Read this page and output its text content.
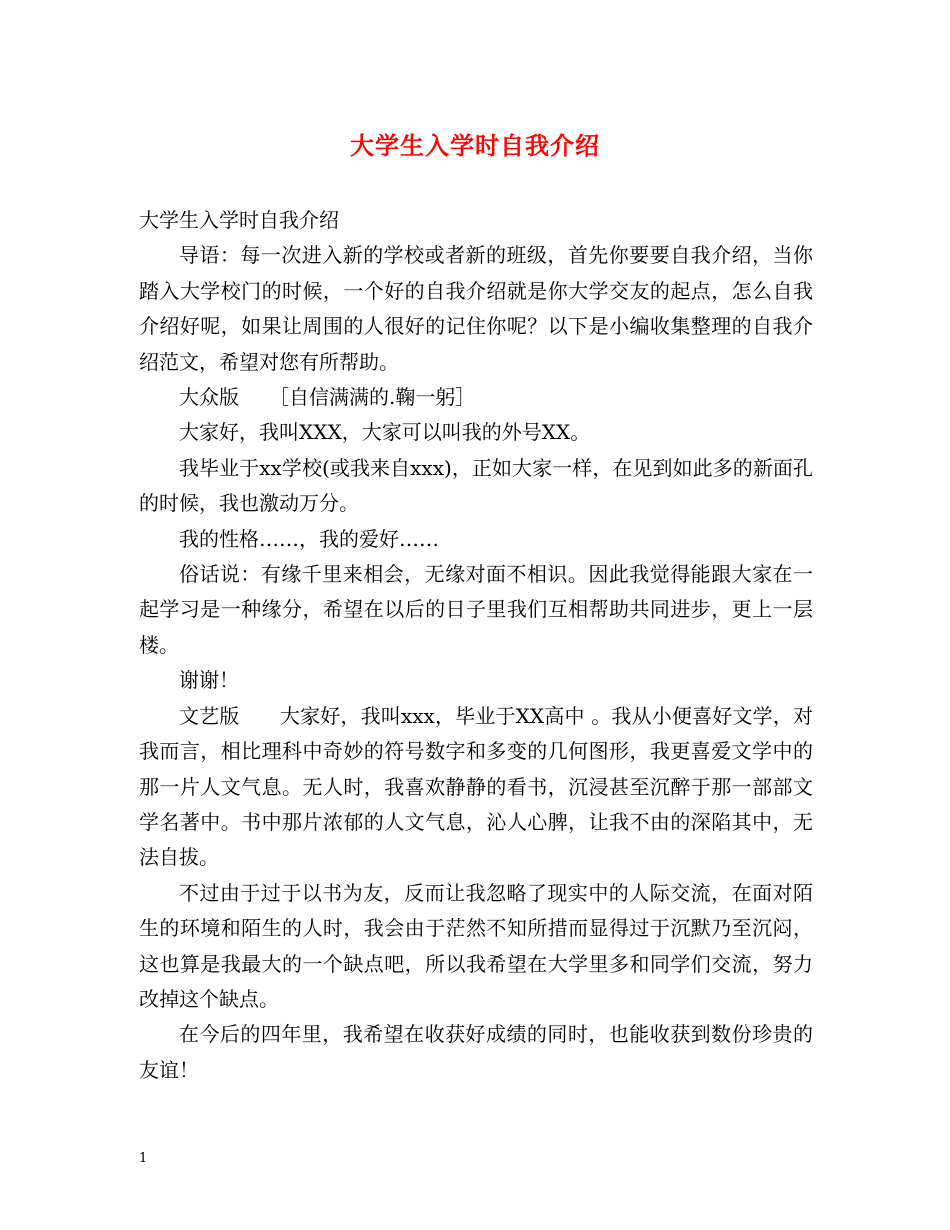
大学生入学时自我介绍

大学生入学时自我介绍

导语：每一次进入新的学校或者新的班级，首先你要要自我介绍，当你踏入大学校门的时候，一个好的自我介绍就是你大学交友的起点，怎么自我介绍好呢，如果让周围的人很好的记住你呢？以下是小编收集整理的自我介绍范文，希望对您有所帮助。

大众版　　［自信满满的.鞠一躬］

大家好，我叫XXX，大家可以叫我的外号XX。

我毕业于xx学校(或我来自xxx)，正如大家一样，在见到如此多的新面孔的时候，我也激动万分。

我的性格……，我的爱好……

俗话说：有缘千里来相会，无缘对面不相识。因此我觉得能跟大家在一起学习是一种缘分，希望在以后的日子里我们互相帮助共同进步，更上一层楼。

谢谢！

文艺版　　大家好，我叫xxx，毕业于XX高中 。我从小便喜好文学，对我而言，相比理科中奇妙的符号数字和多变的几何图形，我更喜爱文学中的那一片人文气息。无人时，我喜欢静静的看书，沉浸甚至沉醉于那一部部文学名著中。书中那片浓郁的人文气息，沁人心脾，让我不由的深陷其中，无法自拔。

不过由于过于以书为友，反而让我忽略了现实中的人际交流，在面对陌生的环境和陌生的人时，我会由于茫然不知所措而显得过于沉默乃至沉闷，这也算是我最大的一个缺点吧，所以我希望在大学里多和同学们交流，努力改掉这个缺点。

在今后的四年里，我希望在收获好成绩的同时，也能收获到数份珍贵的友谊！

1
